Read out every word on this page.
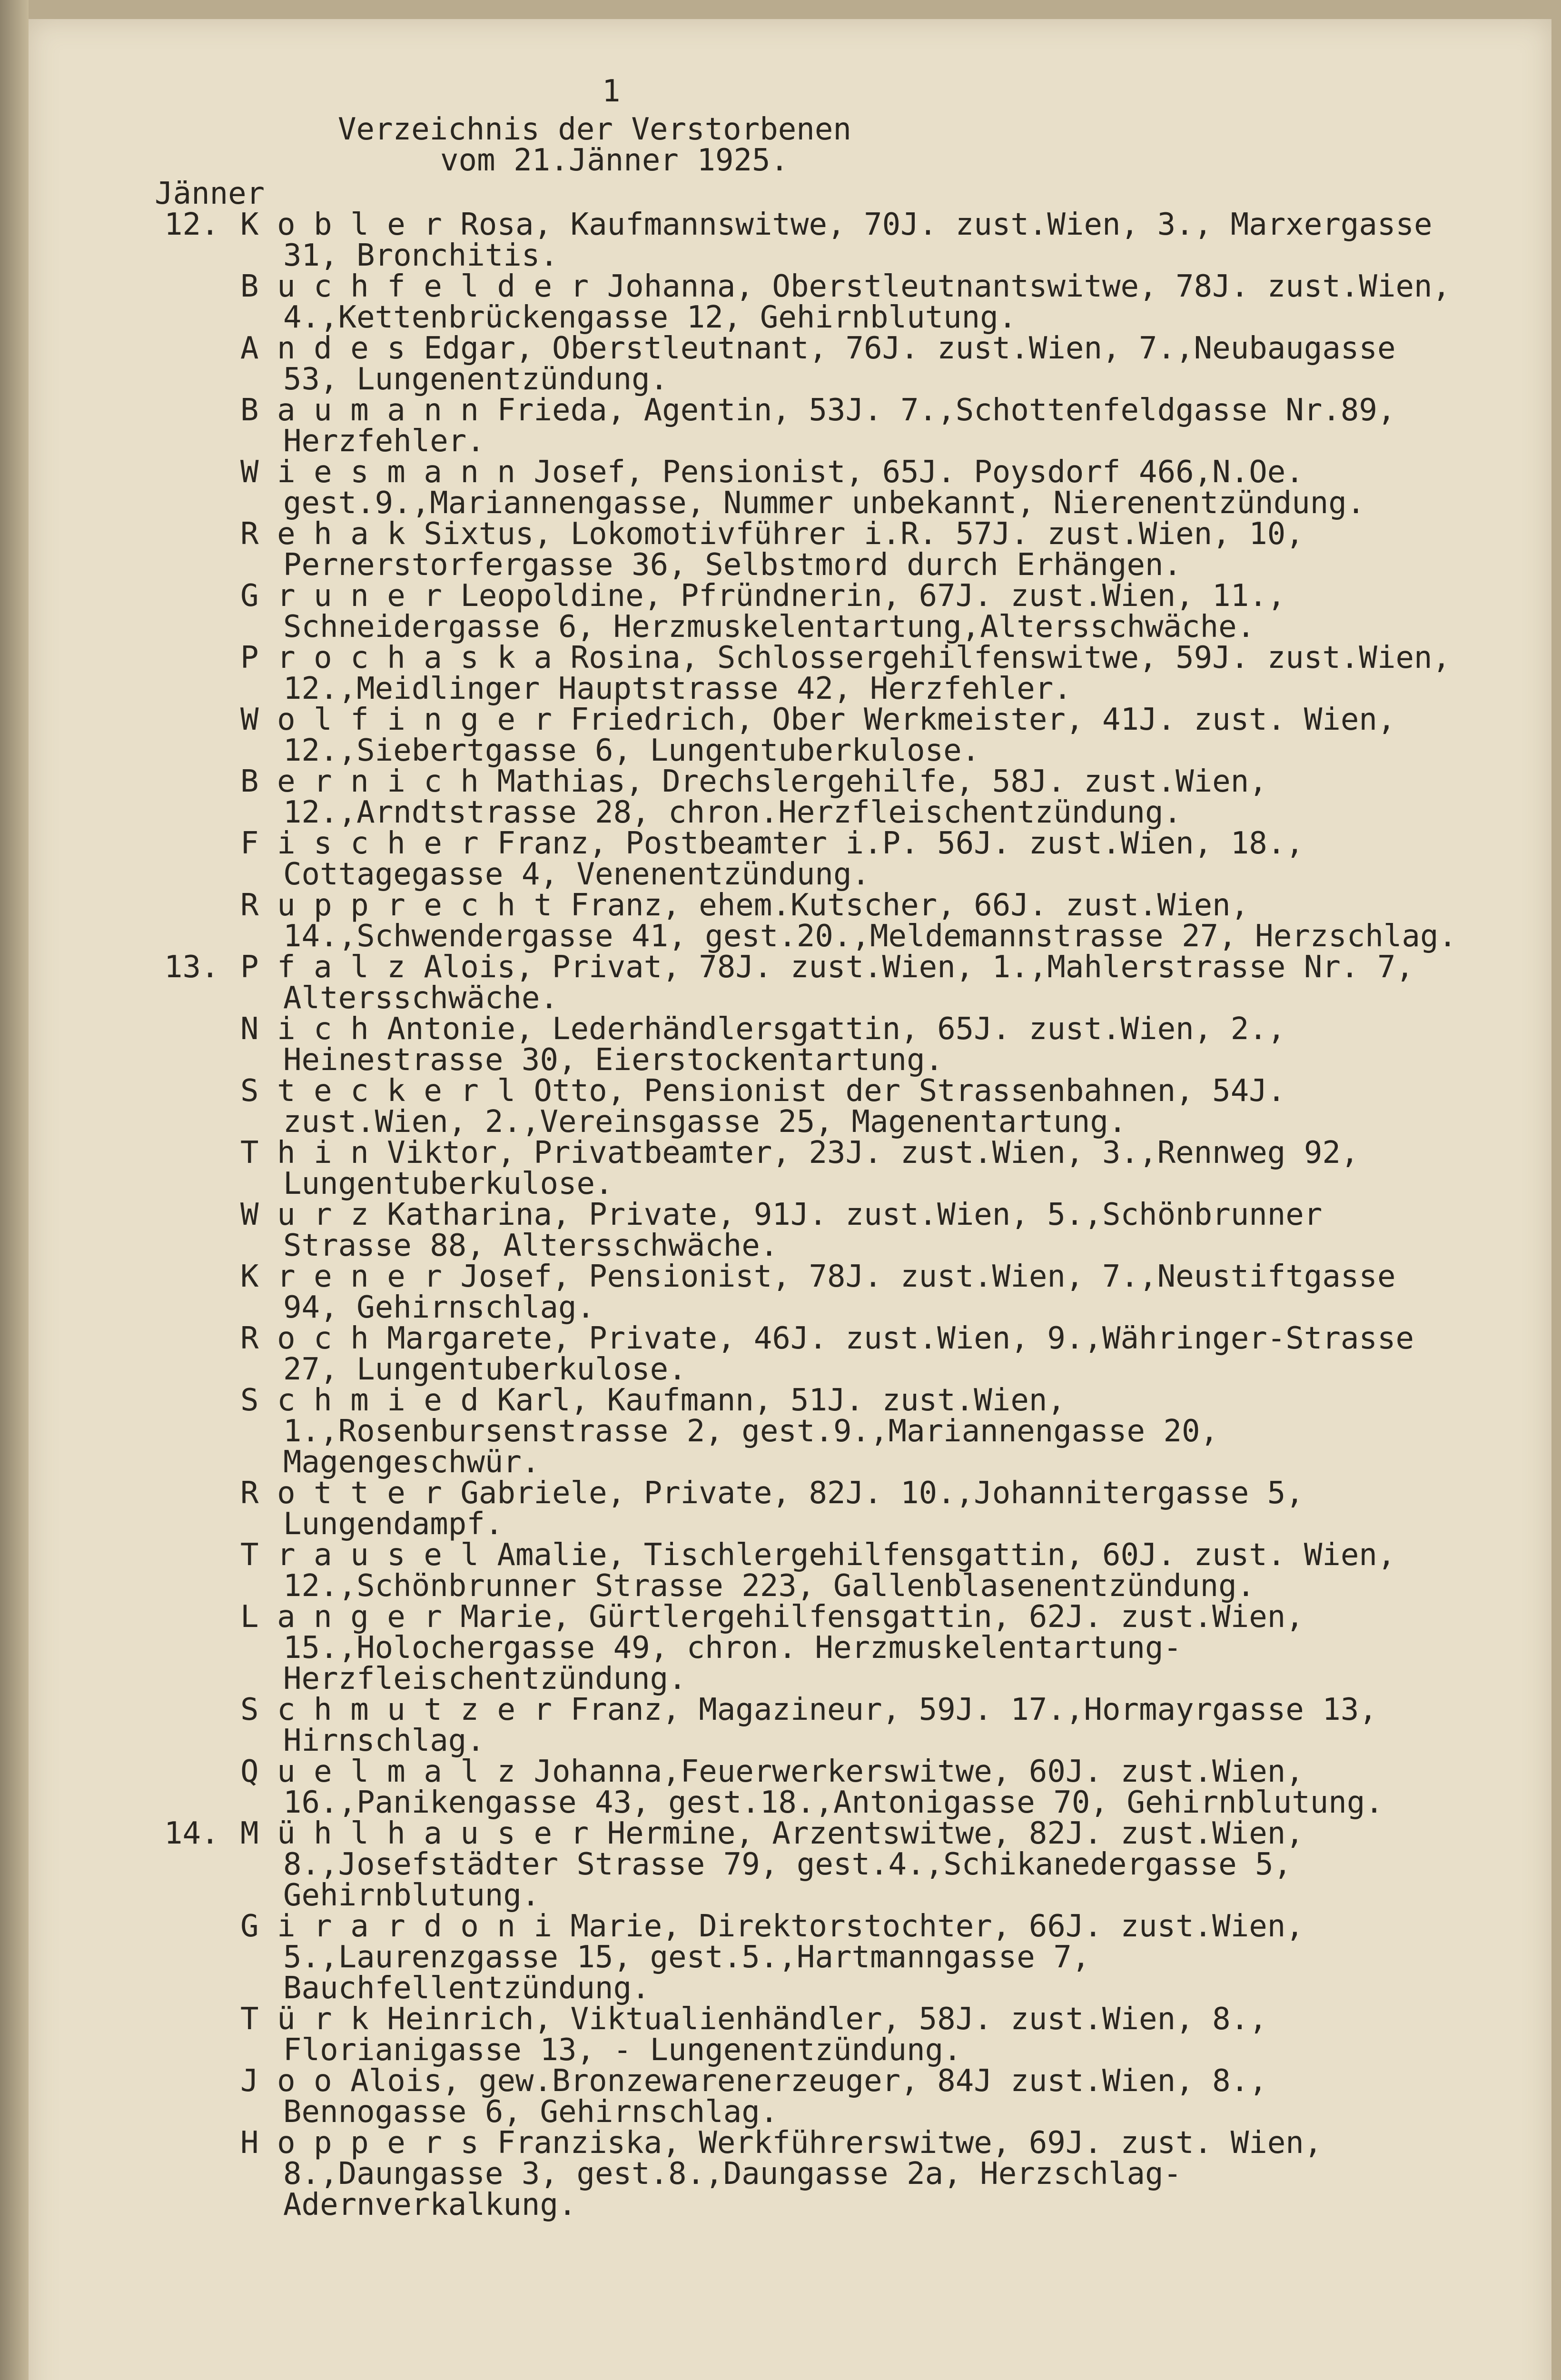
1
Verzeichnis der Verstorbenen
vom 21.Jänner 1925.
Jänner

12. K o b l e r Rosa, Kaufmannswitwe, 70J. zust.Wien, 3., Marxergasse 31, Bronchitis.

B u c h f e l d e r Johanna, Oberstleutnantswitwe, 78J. zust.Wien, 4.,Kettenbrückengasse 12, Gehirnblutung.

A n d e s Edgar, Oberstleutnant, 76J. zust.Wien, 7.,Neubaugasse 53, Lungenentzündung.

B a u m a n n Frieda, Agentin, 53J. 7.,Schottenfeldgasse Nr.89, Herzfehler.

W i e s m a n n Josef, Pensionist, 65J. Poysdorf 466,N.Oe. gest.9.,Mariannengasse, Nummer unbekannt, Nierenentzündung.

R e h a k Sixtus, Lokomotivführer i.R. 57J. zust.Wien, 10, Pernerstorfergasse 36, Selbstmord durch Erhängen.

G r u n e r Leopoldine, Pfründnerin, 67J. zust.Wien, 11., Schneidergasse 6, Herzmuskelentartung,Altersschwäche.

P r o c h a s k a Rosina, Schlossergehilfenswitwe, 59J. zust.Wien, 12.,Meidlinger Hauptstrasse 42, Herzfehler.

W o l f i n g e r Friedrich, Ober Werkmeister, 41J. zust. Wien, 12.,Siebertgasse 6, Lungentuberkulose.

B e r n i c h Mathias, Drechslergehilfe, 58J. zust.Wien, 12.,Arndtstrasse 28, chron.Herzfleischentzündung.

F i s c h e r Franz, Postbeamter i.P. 56J. zust.Wien, 18., Cottagegasse 4, Venenentzündung.

R u p p r e c h t Franz, ehem.Kutscher, 66J. zust.Wien, 14.,Schwendergasse 41, gest.20.,Meldemannstrasse 27, Herzschlag.

13. P f a l z Alois, Privat, 78J. zust.Wien, 1.,Mahlerstrasse Nr. 7, Altersschwäche.

N i c h Antonie, Lederhändlersgattin, 65J. zust.Wien, 2., Heinestrasse 30, Eierstockentartung.

S t e c k e r l Otto, Pensionist der Strassenbahnen, 54J. zust.Wien, 2.,Vereinsgasse 25, Magenentartung.

T h i n Viktor, Privatbeamter, 23J. zust.Wien, 3.,Rennweg 92, Lungentuberkulose.

W u r z Katharina, Private, 91J. zust.Wien, 5.,Schönbrunner Strasse 88, Altersschwäche.

K r e n e r Josef, Pensionist, 78J. zust.Wien, 7.,Neustiftgasse 94, Gehirnschlag.

R o c h Margarete, Private, 46J. zust.Wien, 9.,Währinger-Strasse 27, Lungentuberkulose.

S c h m i e d Karl, Kaufmann, 51J. zust.Wien, 1.,Rosenbursenstrasse 2, gest.9.,Mariannengasse 20, Magengeschwür.

R o t t e r Gabriele, Private, 82J. 10.,Johannitergasse 5, Lungendampf.

T r a u s e l Amalie, Tischlergehilfensgattin, 60J. zust. Wien, 12.,Schönbrunner Strasse 223, Gallenblasenentzündung.

L a n g e r Marie, Gürtlergehilfensgattin, 62J. zust.Wien, 15.,Holochergasse 49, chron. Herzmuskelentartung-Herzfleischentzündung.

S c h m u t z e r Franz, Magazineur, 59J. 17.,Hormayrgasse 13, Hirnschlag.

Q u e l m a l z Johanna,Feuerwerkerswitwe, 60J. zust.Wien, 16.,Panikengasse 43, gest.18.,Antonigasse 70, Gehirnblutung.

14. M ü h l h a u s e r Hermine, Arzentswitwe, 82J. zust.Wien, 8.,Josefstädter Strasse 79, gest.4.,Schikanedergasse 5, Gehirnblutung.

G i r a r d o n i Marie, Direktorstochter, 66J. zust.Wien, 5.,Laurenzgasse 15, gest.5.,Hartmanngasse 7, Bauchfellentzündung.

T ü r k Heinrich, Viktualienhändler, 58J. zust.Wien, 8., Florianigasse 13, - Lungenentzündung.

J o o Alois, gew.Bronzewarenerzeuger, 84J zust.Wien, 8., Bennogasse 6, Gehirnschlag.

H o p p e r s Franziska, Werkführerswitwe, 69J. zust. Wien, 8.,Daungasse 3, gest.8.,Daungasse 2a, Herzschlag-Adernverkalkung.
